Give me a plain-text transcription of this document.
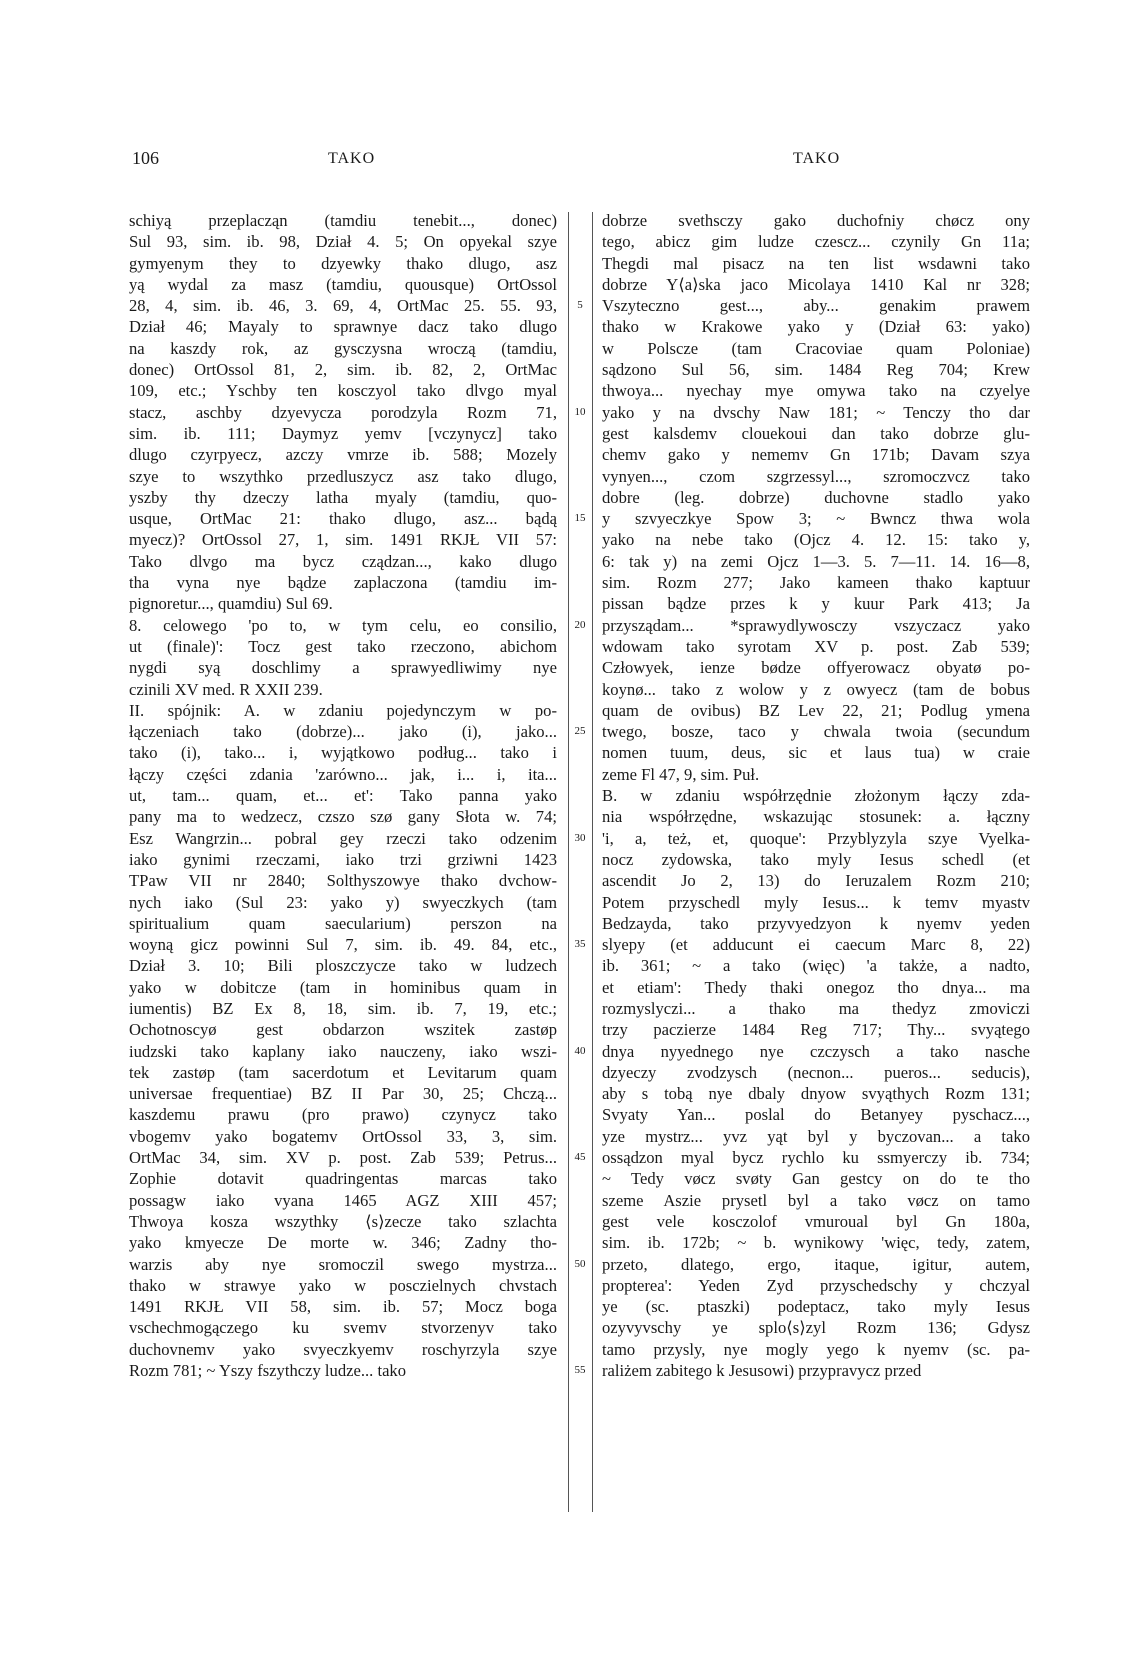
106	TAKO	TAKO

schiyą przeplacząn (tamdiu tenebit..., donec)

Sul 93, sim. ib. 98, Dział 4. 5; On opyekal szye

gymyenym they to dzyewky thako dlugo, asz

yą wydal za masz (tamdiu, quousque) OrtOssol

28, 4, sim. ib. 46, 3. 69, 4, OrtMac 25. 55. 93,

Dział 46; Mayaly to sprawnye dacz tako dlugo

na kaszdy rok, az gysczysna wroczą (tamdiu,

donec) OrtOssol 81, 2, sim. ib. 82, 2, OrtMac

109, etc.; Yschby ten kosczyol tako dlvgo myal

stacz, aschby dzyevycza porodzyla Rozm 71,

sim. ib. 111; Daymyz yemv [vczynycz] tako

dlugo czyrpyecz, azczy vmrze ib. 588; Mozely

szye to wszythko przedluszycz asz tako dlugo,

yszby thy dzeczy latha myaly (tamdiu, quo-

usque, OrtMac 21: thako dlugo, asz... bądą

myecz)? OrtOssol 27, 1, sim. 1491 RKJŁ VII 57:

Tako dlvgo ma bycz cządzan..., kako dlugo

tha vyna nye bądze zaplaczona (tamdiu im-

pignoretur..., quamdiu) Sul 69.

8. celowego 'po to, w tym celu, eo consilio,

ut (finale)': Tocz gest tako rzeczono, abichom

nygdi syą doschlimy a sprawyedliwimy nye

czinili XV med. R XXII 239.

II. spójnik: A. w zdaniu pojedynczym w po-

łączeniach tako (dobrze)... jako (i), jako...

tako (i), tako... i, wyjątkowo podług... tako i

łączy części zdania 'zarówno... jak, i... i, ita...

ut, tam... quam, et... et': Tako panna yako

pany ma to wedzecz, czszo szø gany Słota w. 74;

Esz Wangrzin... pobral gey rzeczi tako odzenim

iako gynimi rzeczami, iako trzi grziwni 1423

TPaw VII nr 2840; Solthyszowye thako dvchow-

nych iako (Sul 23: yako y) swyeczkych (tam

spiritualium quam saecularium) perszon na

woyną gicz powinni Sul 7, sim. ib. 49. 84, etc.,

Dział 3. 10; Bili ploszczycze tako w ludzech

yako w dobitcze (tam in hominibus quam in

iumentis) BZ Ex 8, 18, sim. ib. 7, 19, etc.;

Ochotnoscyø gest obdarzon wszitek zastøp

iudzski tako kaplany iako nauczeny, iako wszi-

tek zastøp (tam sacerdotum et Levitarum quam

universae frequentiae) BZ II Par 30, 25; Chczą...

kaszdemu prawu (pro prawo) czynycz tako

vbogemv yako bogatemv OrtOssol 33, 3, sim.

OrtMac 34, sim. XV p. post. Zab 539; Petrus...

Zophie dotavit quadringentas marcas tako

possagw iako vyana 1465 AGZ XIII 457;

Thwoya kosza wszythky ⟨s⟩zecze tako szlachta

yako kmyecze De morte w. 346; Zadny tho-

warzis aby nye sromoczil swego mystrza...

thako w strawye yako w posczielnych chvstach

1491 RKJŁ VII 58, sim. ib. 57; Mocz boga

vschechmogączego ku svemv stvorzenyv tako

duchovnemv yako svyeczkyemv roschyrzyla szye

Rozm 781; ~ Yszy fszythczy ludze... tako

5
10
15
20
25
30
35
40
45
50
55

dobrze svethsczy gako duchofniy chøcz ony

tego, abicz gim ludze czescz... czynily Gn 11a;

Thegdi mal pisacz na ten list wsdawni tako

dobrze Y⟨a⟩ska jaco Micolaya 1410 Kal nr 328;

Vszyteczno gest..., aby... genakim prawem

thako w Krakowe yako y (Dział 63: yako)

w Polscze (tam Cracoviae quam Poloniae)

sądzono Sul 56, sim. 1484 Reg 704; Krew

thwoya... nyechay mye omywa tako na czyelye

yako y na dvschy Naw 181; ~ Tenczy tho dar

gest kalsdemv clouekoui dan tako dobrze glu-

chemv gako y nememv Gn 171b; Davam szya

vynyen..., czom szgrzessyl..., szromoczvcz tako

dobre (leg. dobrze) duchovne stadlo yako

y szvyeczkye Spow 3; ~ Bwncz thwa wola

yako na nebe tako (Ojcz 4. 12. 15: tako y,

6: tak y) na zemi Ojcz 1—3. 5. 7—11. 14. 16—8,

sim. Rozm 277; Jako kameen thako kaptuur

pissan bądze przes k y kuur Park 413; Ja

przysządam... *sprawydlywosczy vszyczacz yako

wdowam tako syrotam XV p. post. Zab 539;

Człowyek, ienze bødze offyerowacz obyatø po-

koynø... tako z wolow y z owyecz (tam de bobus

quam de ovibus) BZ Lev 22, 21; Podlug ymena

twego, bosze, taco y chwala twoia (secundum

nomen tuum, deus, sic et laus tua) w craie

zeme Fl 47, 9, sim. Puł.

B. w zdaniu współrzędnie złożonym łączy zda-

nia współrzędne, wskazując stosunek: a. łączny

'i, a, też, et, quoque': Przyblyzyla szye Vyelka-

nocz zydowska, tako myly Iesus schedl (et

ascendit Jo 2, 13) do Ieruzalem Rozm 210;

Potem przyschedl myly Iesus... k temv myastv

Bedzayda, tako przyvyedzyon k nyemv yeden

slyepy (et adducunt ei caecum Marc 8, 22)

ib. 361; ~ a tako (więc) 'a także, a nadto,

et etiam': Thedy thaki onegoz tho dnya... ma

rozmyslyczi... a thako ma thedyz zmoviczi

trzy paczierze 1484 Reg 717; Thy... svyątego

dnya nyyednego nye czczysch a tako nasche

dzyeczy zvodzysch (necnon... pueros... seducis),

aby s tobą nye dbaly dnyow svyąthych Rozm 131;

Svyaty Yan... poslal do Betanyey pyschacz...,

yze mystrz... yvz yąt byl y byczovan... a tako

ossądzon myal bycz rychlo ku ssmyerczy ib. 734;

~ Tedy vøcz svøty Gan gestcy on do te tho

szeme Aszie prysetl byl a tako vøcz on tamo

gest vele kosczolof vmuroual byl Gn 180a,

sim. ib. 172b; ~ b. wynikowy 'więc, tedy, zatem,

przeto, dlatego, ergo, itaque, igitur, autem,

propterea': Yeden Zyd przyschedschy y chczyal

ye (sc. ptaszki) podeptacz, tako myly Iesus

ozyvyvschy ye splo⟨s⟩zyl Rozm 136; Gdysz

tamo przysly, nye mogly yego k nyemv (sc. pa-

raliżem zabitego k Jesusowi) przypravycz przed
